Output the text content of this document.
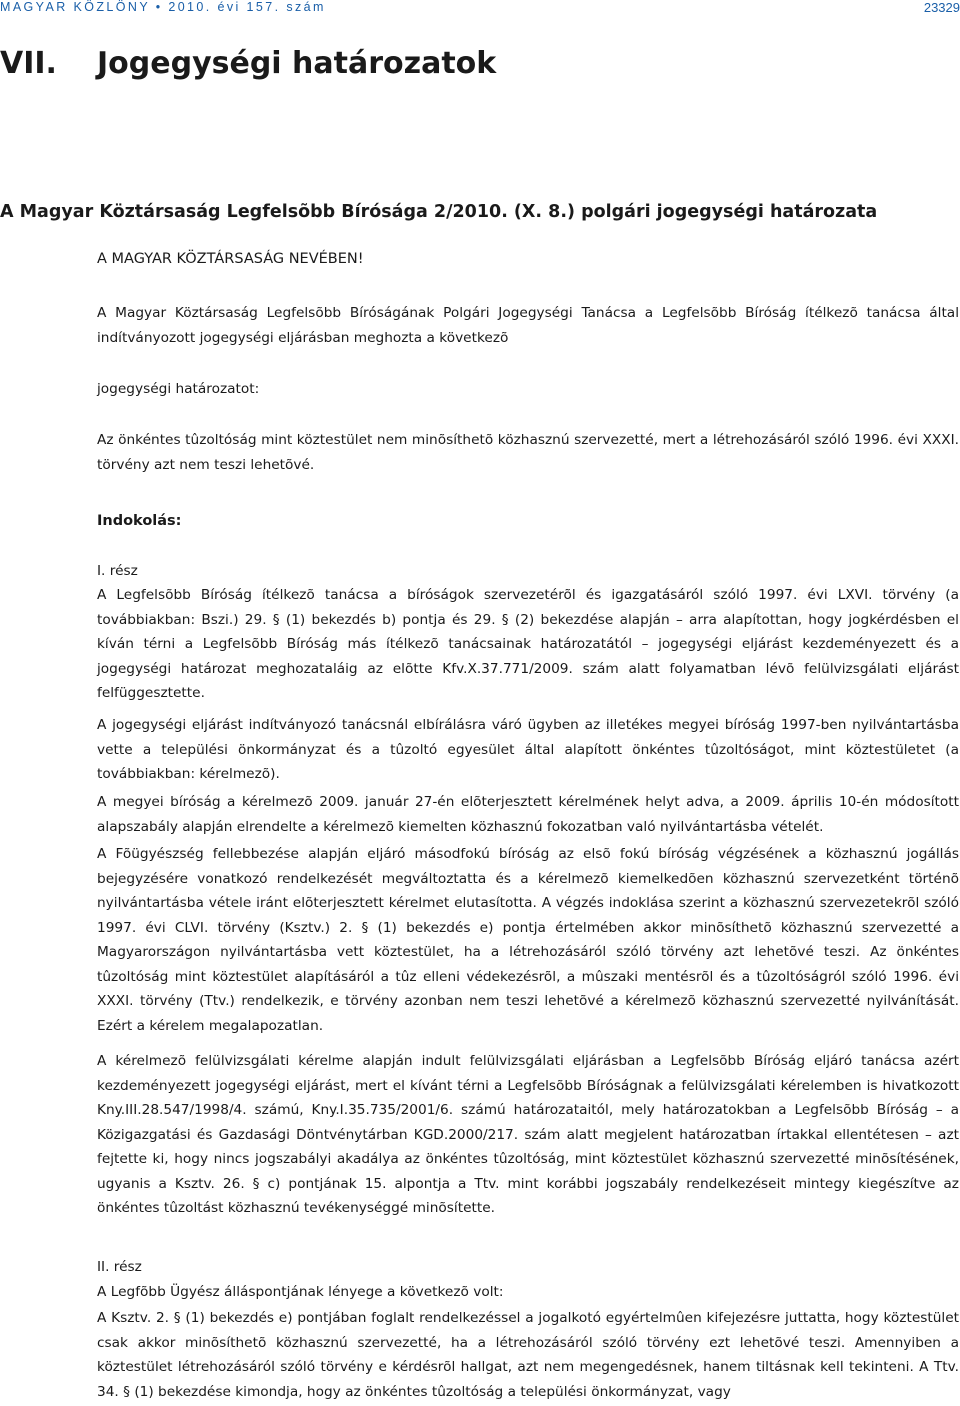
MAGYAR KÖZLÖNY • 2010. évi 157. szám	23329
VII. Jogegységi határozatok
A Magyar Köztársaság Legfelsõbb Bírósága 2/2010. (X. 8.) polgári jogegységi határozata
A MAGYAR KÖZTÁRSASÁG NEVÉBEN!

A Magyar Köztársaság Legfelsõbb Bíróságának Polgári Jogegységi Tanácsa a Legfelsõbb Bíróság ítélkezõ tanácsa által indítványozott jogegységi eljárásban meghozta a következõ

jogegységi határozatot:

Az önkéntes tûzoltóság mint köztestület nem minõsíthetõ közhasznú szervezetté, mert a létrehozásáról szóló 1996. évi XXXI. törvény azt nem teszi lehetõvé.

Indokolás:

I. rész

A Legfelsõbb Bíróság ítélkezõ tanácsa a bíróságok szervezetérõl és igazgatásáról szóló 1997. évi LXVI. törvény (a továbbiakban: Bszi.) 29. § (1) bekezdés b) pontja és 29. § (2) bekezdése alapján – arra alapítottan, hogy jogkérdésben el kíván térni a Legfelsõbb Bíróság más ítélkezõ tanácsainak határozatától – jogegységi eljárást kezdeményezett és a jogegységi határozat meghozataláig az elõtte Kfv.X.37.771/2009. szám alatt folyamatban lévõ felülvizsgálati eljárást felfüggesztette.

A jogegységi eljárást indítványozó tanácsnál elbírálásra váró ügyben az illetékes megyei bíróság 1997-ben nyilvántartásba vette a települési önkormányzat és a tûzoltó egyesület által alapított önkéntes tûzoltóságot, mint köztestületet (a továbbiakban: kérelmezõ).

A megyei bíróság a kérelmezõ 2009. január 27-én elõterjesztett kérelmének helyt adva, a 2009. április 10-én módosított alapszabály alapján elrendelte a kérelmezõ kiemelten közhasznú fokozatban való nyilvántartásba vételét.

A Fõügyészség fellebbezése alapján eljáró másodfokú bíróság az elsõ fokú bíróság végzésének a közhasznú jogállás bejegyzésére vonatkozó rendelkezését megváltoztatta és a kérelmezõ kiemelkedõen közhasznú szervezetként történõ nyilvántartásba vétele iránt elõterjesztett kérelmet elutasította. A végzés indoklása szerint a közhasznú szervezetekrõl szóló 1997. évi CLVI. törvény (Ksztv.) 2. § (1) bekezdés e) pontja értelmében akkor minõsíthetõ közhasznú szervezetté a Magyarországon nyilvántartásba vett köztestület, ha a létrehozásáról szóló törvény azt lehetõvé teszi. Az önkéntes tûzoltóság mint köztestület alapításáról a tûz elleni védekezésrõl, a mûszaki mentésrõl és a tûzoltóságról szóló 1996. évi XXXI. törvény (Ttv.) rendelkezik, e törvény azonban nem teszi lehetõvé a kérelmezõ közhasznú szervezetté nyilvánítását. Ezért a kérelem megalapozatlan.

A kérelmezõ felülvizsgálati kérelme alapján indult felülvizsgálati eljárásban a Legfelsõbb Bíróság eljáró tanácsa azért kezdeményezett jogegységi eljárást, mert el kívánt térni a Legfelsõbb Bíróságnak a felülvizsgálati kérelemben is hivatkozott Kny.III.28.547/1998/4. számú, Kny.I.35.735/2001/6. számú határozataitól, mely határozatokban a Legfelsõbb Bíróság – a Közigazgatási és Gazdasági Döntvénytárban KGD.2000/217. szám alatt megjelent határozatban írtakkal ellentétesen – azt fejtette ki, hogy nincs jogszabályi akadálya az önkéntes tûzoltóság, mint köztestület közhasznú szervezetté minõsítésének, ugyanis a Ksztv. 26. § c) pontjának 15. alpontja a Ttv. mint korábbi jogszabály rendelkezéseit mintegy kiegészítve az önkéntes tûzoltást közhasznú tevékenységgé minõsítette.

II. rész

A Legfõbb Ügyész álláspontjának lényege a következõ volt:

A Ksztv. 2. § (1) bekezdés e) pontjában foglalt rendelkezéssel a jogalkotó egyértelmûen kifejezésre juttatta, hogy köztestület csak akkor minõsíthetõ közhasznú szervezetté, ha a létrehozásáról szóló törvény ezt lehetõvé teszi. Amennyiben a köztestület létrehozásáról szóló törvény e kérdésrõl hallgat, azt nem megengedésnek, hanem tiltásnak kell tekinteni. A Ttv. 34. § (1) bekezdése kimondja, hogy az önkéntes tûzoltóság a települési önkormányzat, vagy
